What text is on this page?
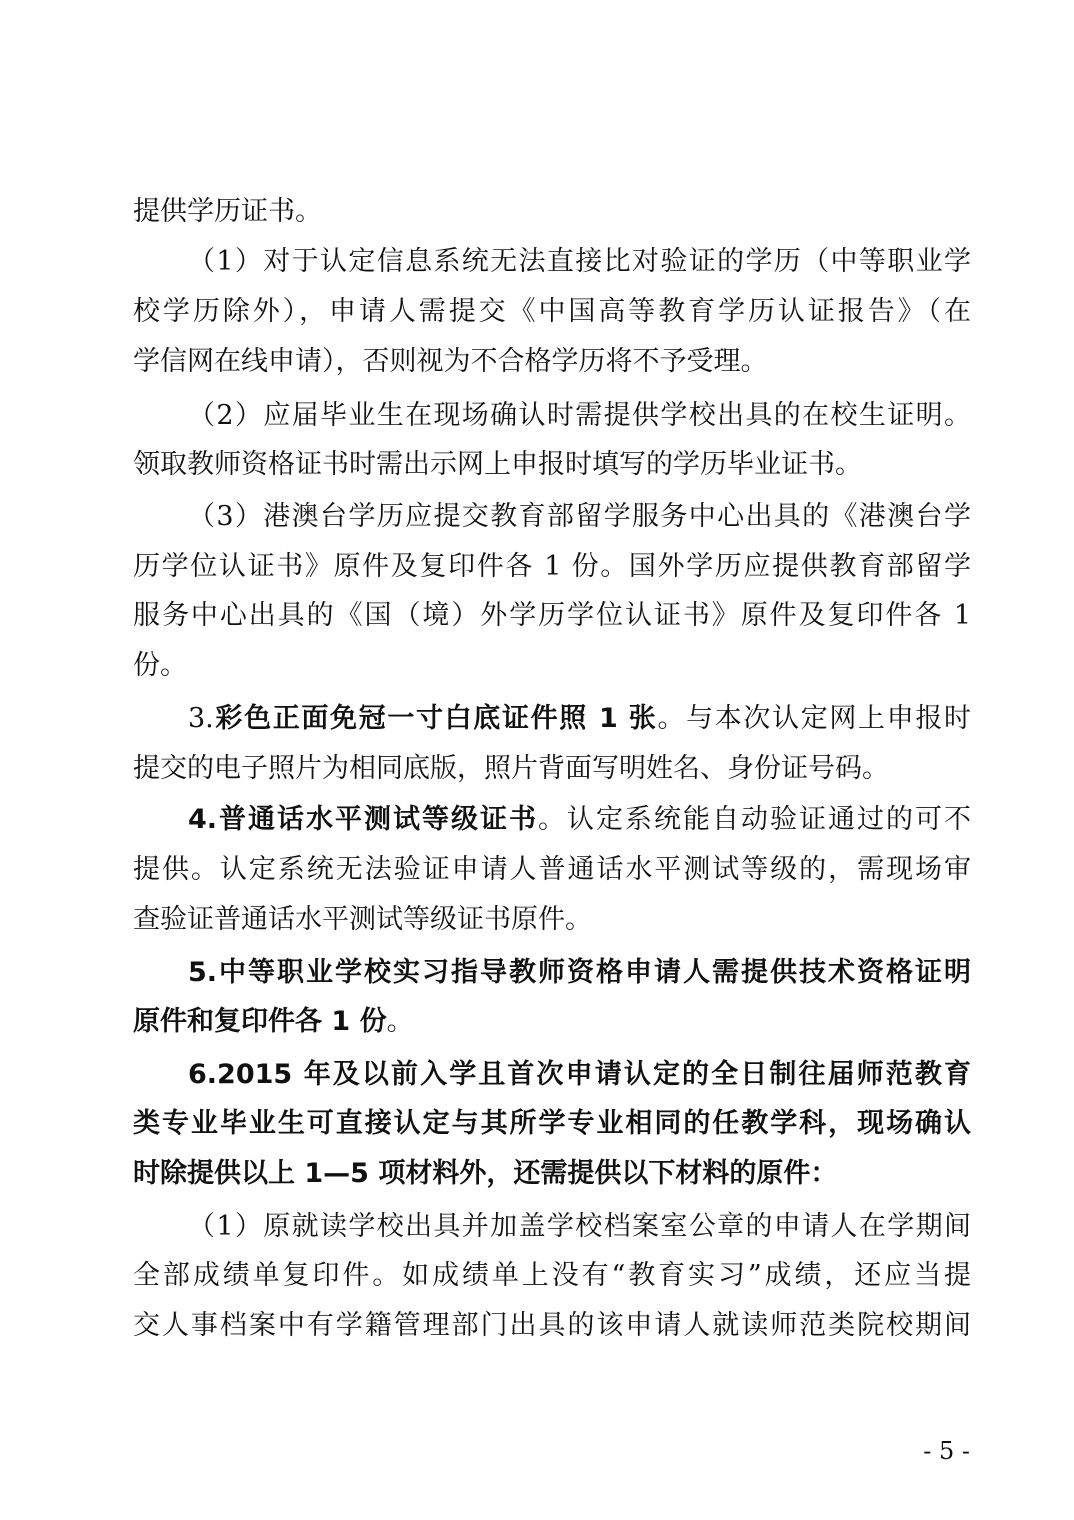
提供学历证书。
（1）对于认定信息系统无法直接比对验证的学历（中等职业学
校学历除外），申请人需提交《中国高等教育学历认证报告》（在
学信网在线申请），否则视为不合格学历将不予受理。
（2）应届毕业生在现场确认时需提供学校出具的在校生证明。
领取教师资格证书时需出示网上申报时填写的学历毕业证书。
（3）港澳台学历应提交教育部留学服务中心出具的《港澳台学
历学位认证书》原件及复印件各 1 份。国外学历应提供教育部留学
服务中心出具的《国（境）外学历学位认证书》原件及复印件各 1
份。
3.彩色正面免冠一寸白底证件照 1 张。与本次认定网上申报时
提交的电子照片为相同底版，照片背面写明姓名、身份证号码。
4.普通话水平测试等级证书。认定系统能自动验证通过的可不
提供。认定系统无法验证申请人普通话水平测试等级的，需现场审
查验证普通话水平测试等级证书原件。
5.中等职业学校实习指导教师资格申请人需提供技术资格证明
原件和复印件各 1 份。
6.2015 年及以前入学且首次申请认定的全日制往届师范教育
类专业毕业生可直接认定与其所学专业相同的任教学科，现场确认
时除提供以上 1—5 项材料外，还需提供以下材料的原件：
（1）原就读学校出具并加盖学校档案室公章的申请人在学期间
全部成绩单复印件。如成绩单上没有“教育实习”成绩，还应当提
交人事档案中有学籍管理部门出具的该申请人就读师范类院校期间
- 5 -
